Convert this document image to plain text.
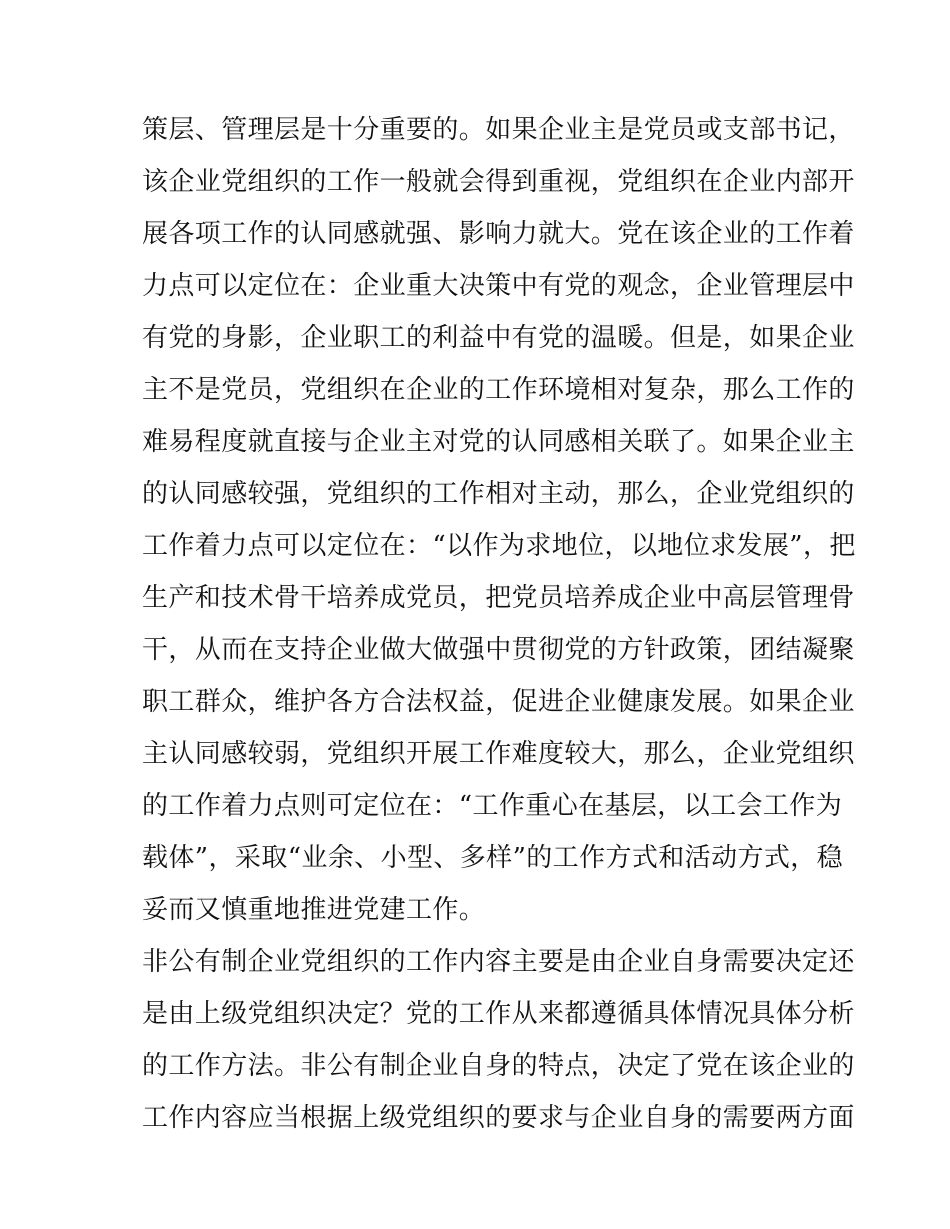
策层、管理层是十分重要的。如果企业主是党员或支部书记，
该企业党组织的工作一般就会得到重视，党组织在企业内部开
展各项工作的认同感就强、影响力就大。党在该企业的工作着
力点可以定位在：企业重大决策中有党的观念，企业管理层中
有党的身影，企业职工的利益中有党的温暖。但是，如果企业
主不是党员，党组织在企业的工作环境相对复杂，那么工作的
难易程度就直接与企业主对党的认同感相关联了。如果企业主
的认同感较强，党组织的工作相对主动，那么，企业党组织的
工作着力点可以定位在：“以作为求地位，以地位求发展”，把
生产和技术骨干培养成党员，把党员培养成企业中高层管理骨
干，从而在支持企业做大做强中贯彻党的方针政策，团结凝聚
职工群众，维护各方合法权益，促进企业健康发展。如果企业
主认同感较弱，党组织开展工作难度较大，那么，企业党组织
的工作着力点则可定位在：“工作重心在基层，以工会工作为
载体”，采取“业余、小型、多样”的工作方式和活动方式，稳
妥而又慎重地推进党建工作。
非公有制企业党组织的工作内容主要是由企业自身需要决定还
是由上级党组织决定？党的工作从来都遵循具体情况具体分析
的工作方法。非公有制企业自身的特点，决定了党在该企业的
工作内容应当根据上级党组织的要求与企业自身的需要两方面
